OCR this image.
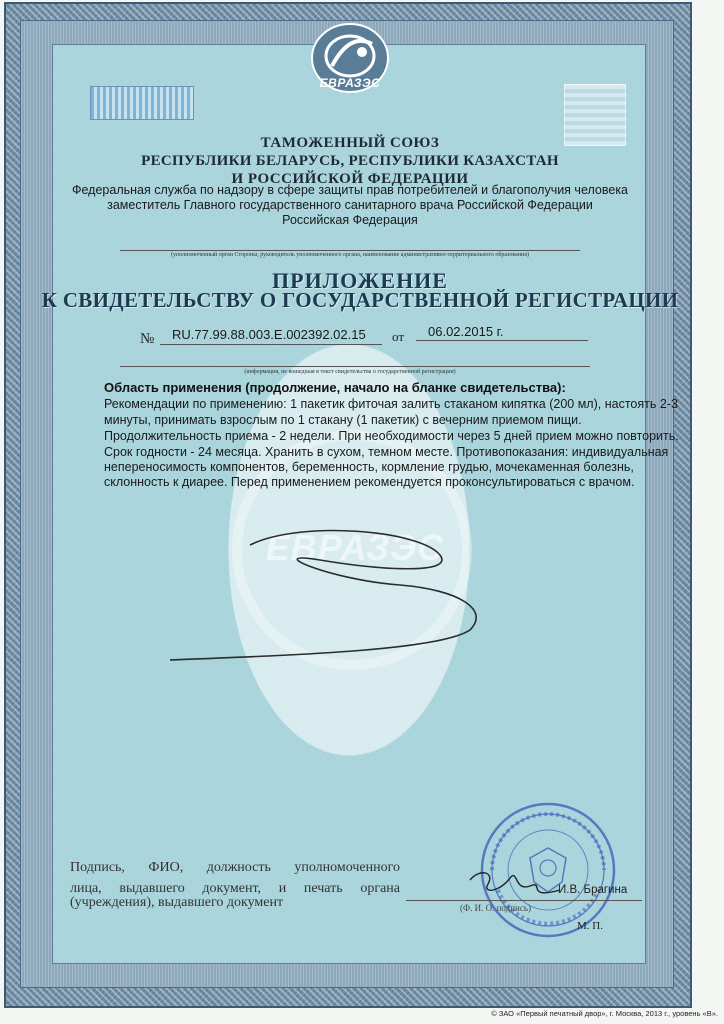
ЕВРАЗЭС
ЕВРАЗЭС
ТАМОЖЕННЫЙ СОЮЗ
РЕСПУБЛИКИ БЕЛАРУСЬ, РЕСПУБЛИКИ КАЗАХСТАН
И РОССИЙСКОЙ ФЕДЕРАЦИИ
Федеральная служба по надзору в сфере защиты прав потребителей и благополучия человека
заместитель Главного государственного санитарного врача Российской Федерации
Российская Федерация
(уполномоченный орган Стороны, руководитель уполномоченного органа, наименование административно-территориального образования)
ПРИЛОЖЕНИЕ
К СВИДЕТЕЛЬСТВУ О ГОСУДАРСТВЕННОЙ РЕГИСТРАЦИИ
№ RU.77.99.88.003.E.002392.02.15 от 06.02.2015 г.
(информация, не вошедшая в текст свидетельства о государственной регистрации)
Область применения (продолжение, начало на бланке свидетельства):
Рекомендации по применению: 1 пакетик фиточая залить стаканом кипятка (200 мл), настоять 2-3
минуты, принимать взрослым по 1 стакану (1 пакетик) с вечерним приемом пищи.
Продолжительность приема - 2 недели. При необходимости через 5 дней прием можно повторить.
Срок годности - 24 месяца. Хранить в сухом, темном месте. Противопоказания: индивидуальная
непереносимость компонентов, беременность, кормление грудью, мочекаменная болезнь,
склонность к диарее. Перед применением рекомендуется проконсультироваться с врачом.
Подпись, ФИО, должность уполномоченного
лица, выдавшего документ, и печать органа
(учреждения), выдавшего документ
И.В. Брагина
(Ф. И. О. подпись)
М. П.
© ЗАО «Первый печатный двор», г. Москва, 2013 г., уровень «В».
